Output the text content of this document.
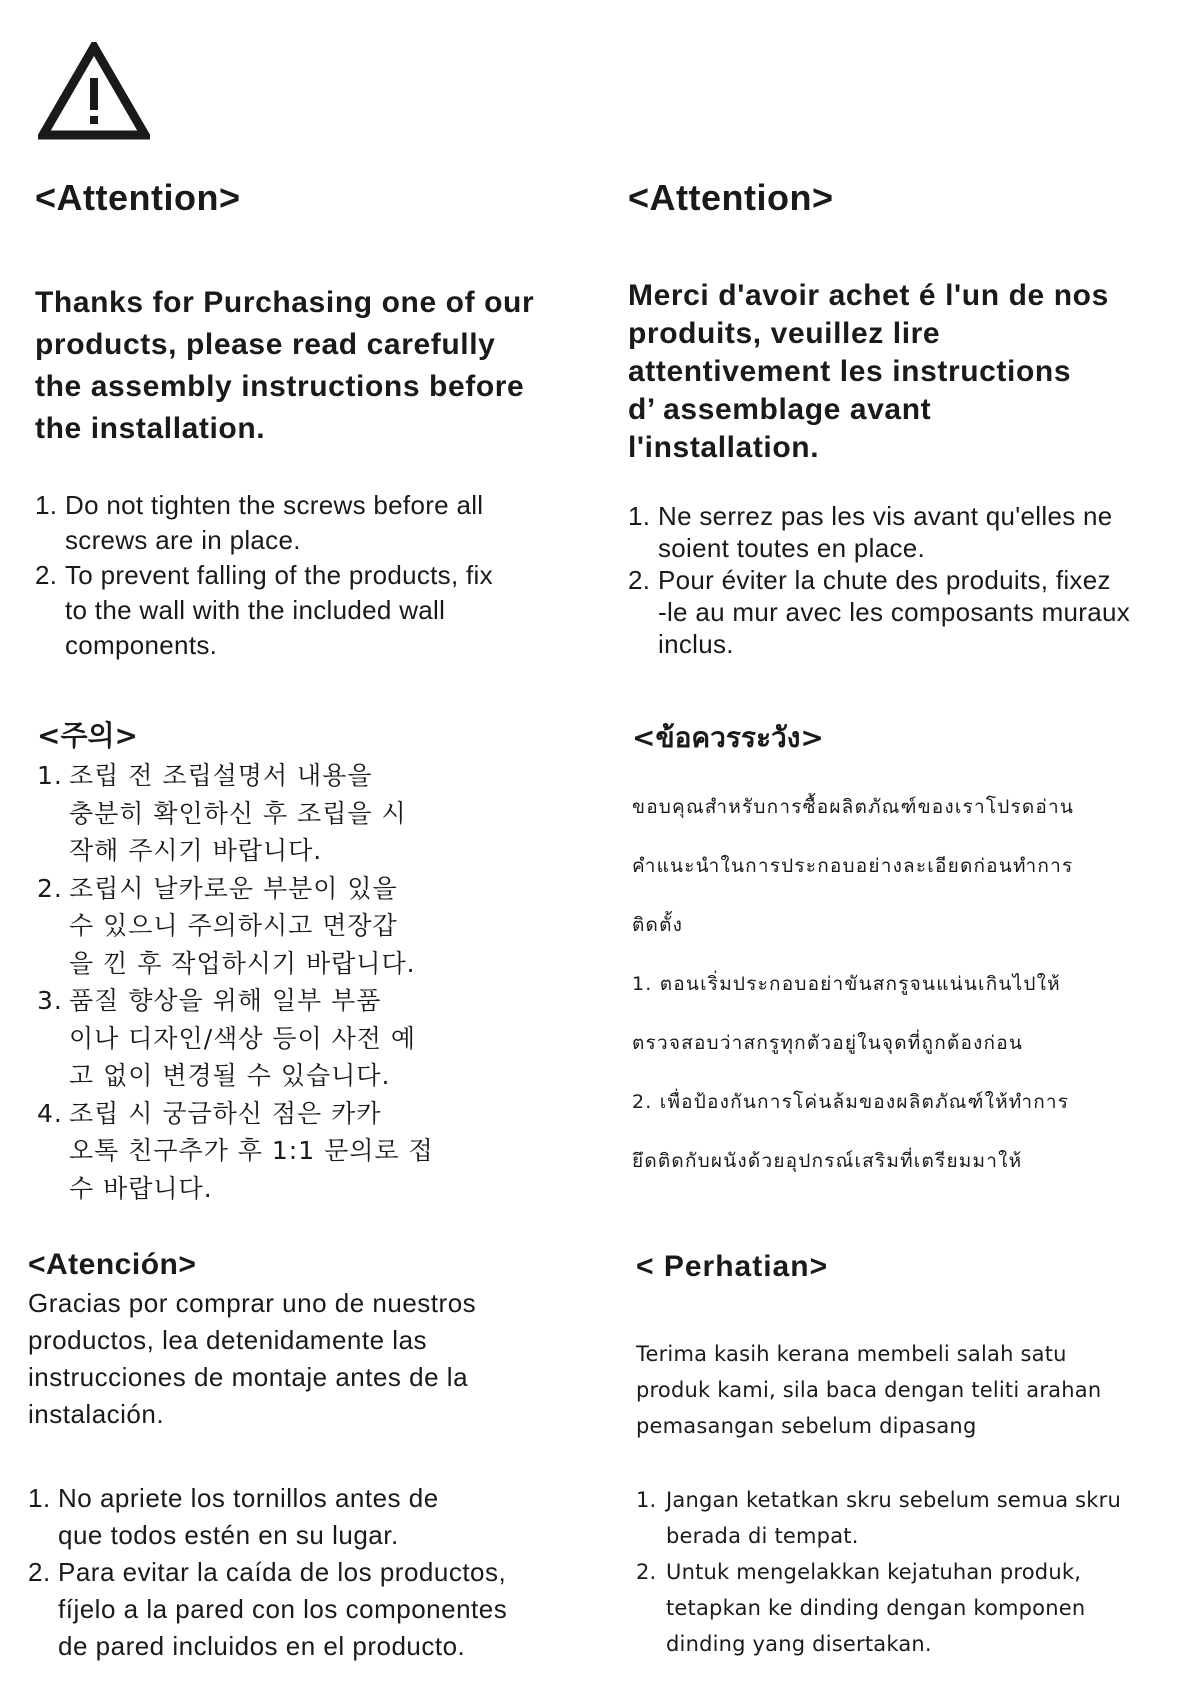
<Attention>

Thanks for Purchasing one of our
products, please read carefully
the assembly instructions before
the installation.

1. Do not tighten the screws before all
screws are in place.
2. To prevent falling of the products, fix
to the wall with the included wall
components.
<Attention>

Merci d'avoir achet é l'un de nos
produits, veuillez lire
attentivement les instructions
d’ assemblage avant
l'installation.

1. Ne serrez pas les vis avant qu'elles ne
soient toutes en place.
2. Pour éviter la chute des produits, fixez
-le au mur avec les composants muraux
inclus.
<주의>
1. 조립 전 조립설명서 내용을
충분히 확인하신 후 조립을 시
작해 주시기 바랍니다.
2. 조립시 날카로운 부분이 있을
수 있으니 주의하시고 면장갑
을 낀 후 작업하시기 바랍니다.
3. 품질 향상을 위해 일부 부품
이나 디자인/색상 등이 사전 예
고 없이 변경될 수 있습니다.
4. 조립 시 궁금하신 점은 카카
오톡 친구추가 후 1:1 문의로 접
수 바랍니다.
<ข้อควรระวัง>

ขอบคุณสำหรับการซื้อผลิตภัณฑ์ของเราโปรดอ่าน

คำแนะนำในการประกอบอย่างละเอียดก่อนทำการ

ติดตั้ง

1. ตอนเริ่มประกอบอย่าขันสกรูจนแน่นเกินไปให้

ตรวจสอบว่าสกรูทุกตัวอยู่ในจุดที่ถูกต้องก่อน

2. เพื่อป้องกันการโค่นล้มของผลิตภัณฑ์ให้ทำการ

ยึดติดกับผนังด้วยอุปกรณ์เสริมที่เตรียมมาให้

<Atención>

Gracias por comprar uno de nuestros
productos, lea detenidamente las
instrucciones de montaje antes de la
instalación.

1. No apriete los tornillos antes de
que todos estén en su lugar.
2. Para evitar la caída de los productos,
fíjelo a la pared con los componentes
de pared incluidos en el producto.
< Perhatian>

Terima kasih kerana membeli salah satu
produk kami, sila baca dengan teliti arahan
pemasangan sebelum dipasang

1. Jangan ketatkan skru sebelum semua skru
berada di tempat.
2. Untuk mengelakkan kejatuhan produk,
tetapkan ke dinding dengan komponen
dinding yang disertakan.
